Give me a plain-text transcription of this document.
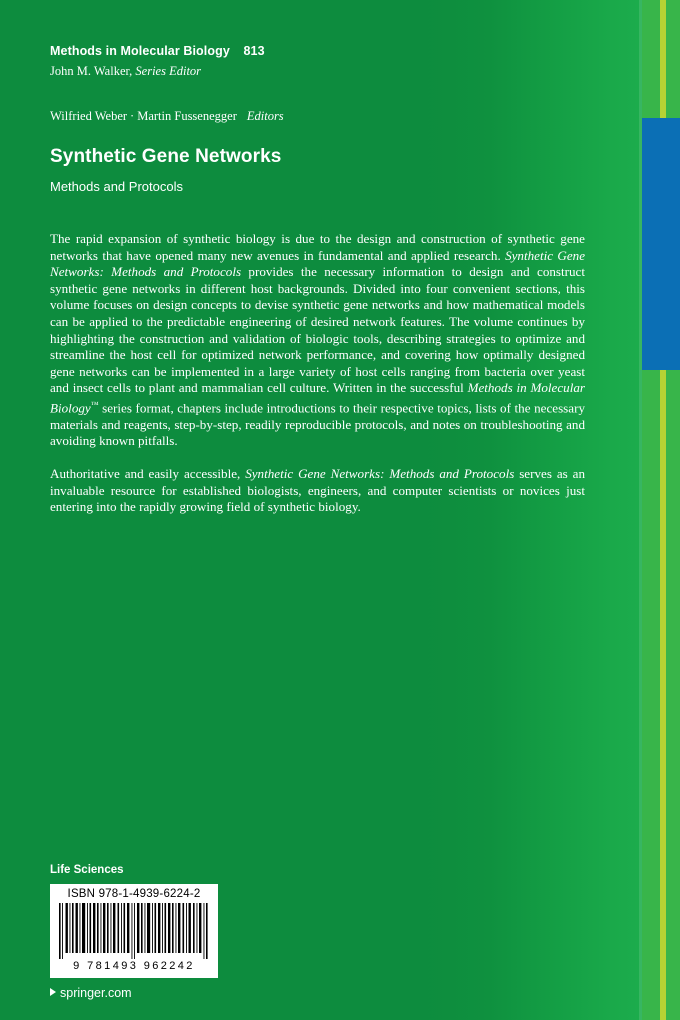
Methods in Molecular Biology 813

John M. Walker, Series Editor

Wilfried Weber · Martin Fussenegger Editors

Synthetic Gene Networks
Methods and Protocols

The rapid expansion of synthetic biology is due to the design and construction of synthetic gene networks that have opened many new avenues in fundamental and applied research. Synthetic Gene Networks: Methods and Protocols provides the necessary information to design and construct synthetic gene networks in different host backgrounds. Divided into four convenient sections, this volume focuses on design concepts to devise synthetic gene networks and how mathematical models can be applied to the predictable engineering of desired network features. The volume continues by highlighting the construction and validation of biologic tools, describing strategies to optimize and streamline the host cell for optimized network performance, and covering how optimally designed gene networks can be implemented in a large variety of host cells ranging from bacteria over yeast and insect cells to plant and mammalian cell culture. Written in the successful Methods in Molecular Biology™ series format, chapters include introductions to their respective topics, lists of the necessary materials and reagents, step-by-step, readily reproducible protocols, and notes on troubleshooting and avoiding known pitfalls.

Authoritative and easily accessible, Synthetic Gene Networks: Methods and Protocols serves as an invaluable resource for established biologists, engineers, and computer scientists or novices just entering into the rapidly growing field of synthetic biology.

Life Sciences
ISBN 978-1-4939-6224-2
9 781493 962242
springer.com
